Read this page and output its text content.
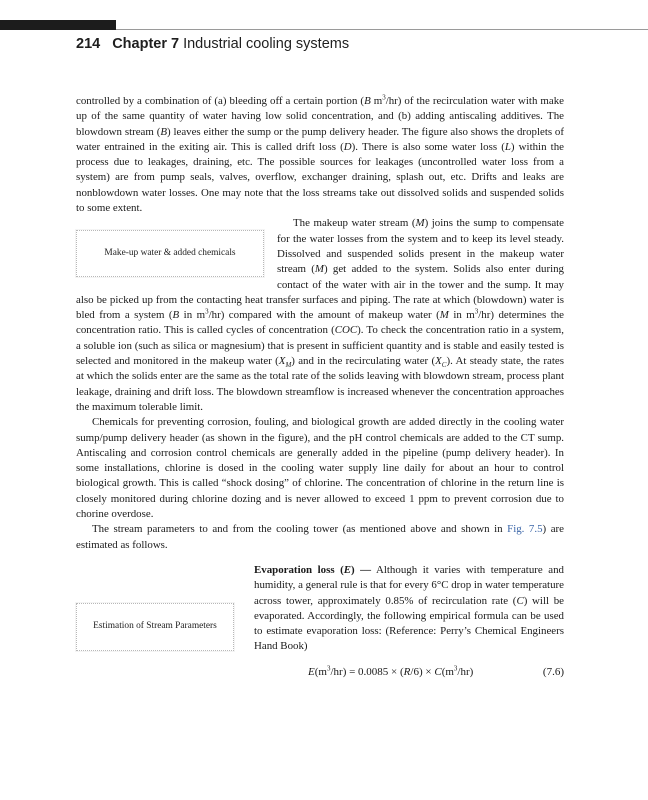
214 Chapter 7 Industrial cooling systems

controlled by a combination of (a) bleeding off a certain portion (B $m^3/hr$) of the recirculation water with make up of the same quantity of water having low solid concentration, and (b) adding antiscaling additives. The blowdown stream (B) leaves either the sump or the pump delivery header. The figure also shows the droplets of water entrained in the exiting air. This is called drift loss (D). There is also some water loss (L) within the process due to leakages, draining, etc. The possible sources for leakages (uncontrolled water loss from a system) are from pump seals, valves, overflow, exchanger draining, splash out, etc. Drifts and leaks are nonblowdown water losses. One may note that the loss streams take out dissolved solids and suspended solids to some extent.

Make-up water & added chemicals

The makeup water stream (M) joins the sump to compensate for the water losses from the system and to keep its level steady. Dissolved and suspended solids present in the makeup water stream (M) get added to the system. Solids also enter during contact of the water with air in the tower and the sump. It may also be picked up from the contacting heat transfer surfaces and piping. The rate at which (blowdown) water is bled from a system (B in $m^3/hr$) compared with the amount of makeup water (M in $m^3/hr$) determines the concentration ratio. This is called cycles of concentration (COC). To check the concentration ratio in a system, a soluble ion (such as silica or magnesium) that is present in sufficient quantity and is stable and easily tested is selected and monitored in the makeup water $(X_M)$ and in the recirculating water $(X_C)$. At steady state, the rates at which the solids enter are the same as the total rate of the solids leaving with blowdown stream, process plant leakage, draining and drift loss. The blowdown streamflow is increased whenever the concentration approaches the maximum tolerable limit.

Chemicals for preventing corrosion, fouling, and biological growth are added directly in the cooling water sump/pump delivery header (as shown in the figure), and the pH control chemicals are added to the CT sump. Antiscaling and corrosion control chemicals are generally added in the pipeline (pump delivery header). In some installations, chlorine is dosed in the cooling water supply line daily for about an hour to control biological growth. This is called “shock dosing” of chlorine. The concentration of chlorine in the return line is closely monitored during chlorine dozing and is never allowed to exceed 1 ppm to prevent corrosion due to chorine overdose.

The stream parameters to and from the cooling tower (as mentioned above and shown in Fig. 7.5) are estimated as follows.

Estimation of Stream Parameters

Evaporation loss (E) — Although it varies with temperature and humidity, a general rule is that for every 6°C drop in water temperature across tower, approximately 0.85% of recirculation rate (C) will be evaporated. Accordingly, the following empirical formula can be used to estimate evaporation loss: (Reference: Perry’s Chemical Engineers Hand Book)

$E(m^3/hr) = 0.0085 \times (R/6) \times C(m^3/hr)$	(7.6)
